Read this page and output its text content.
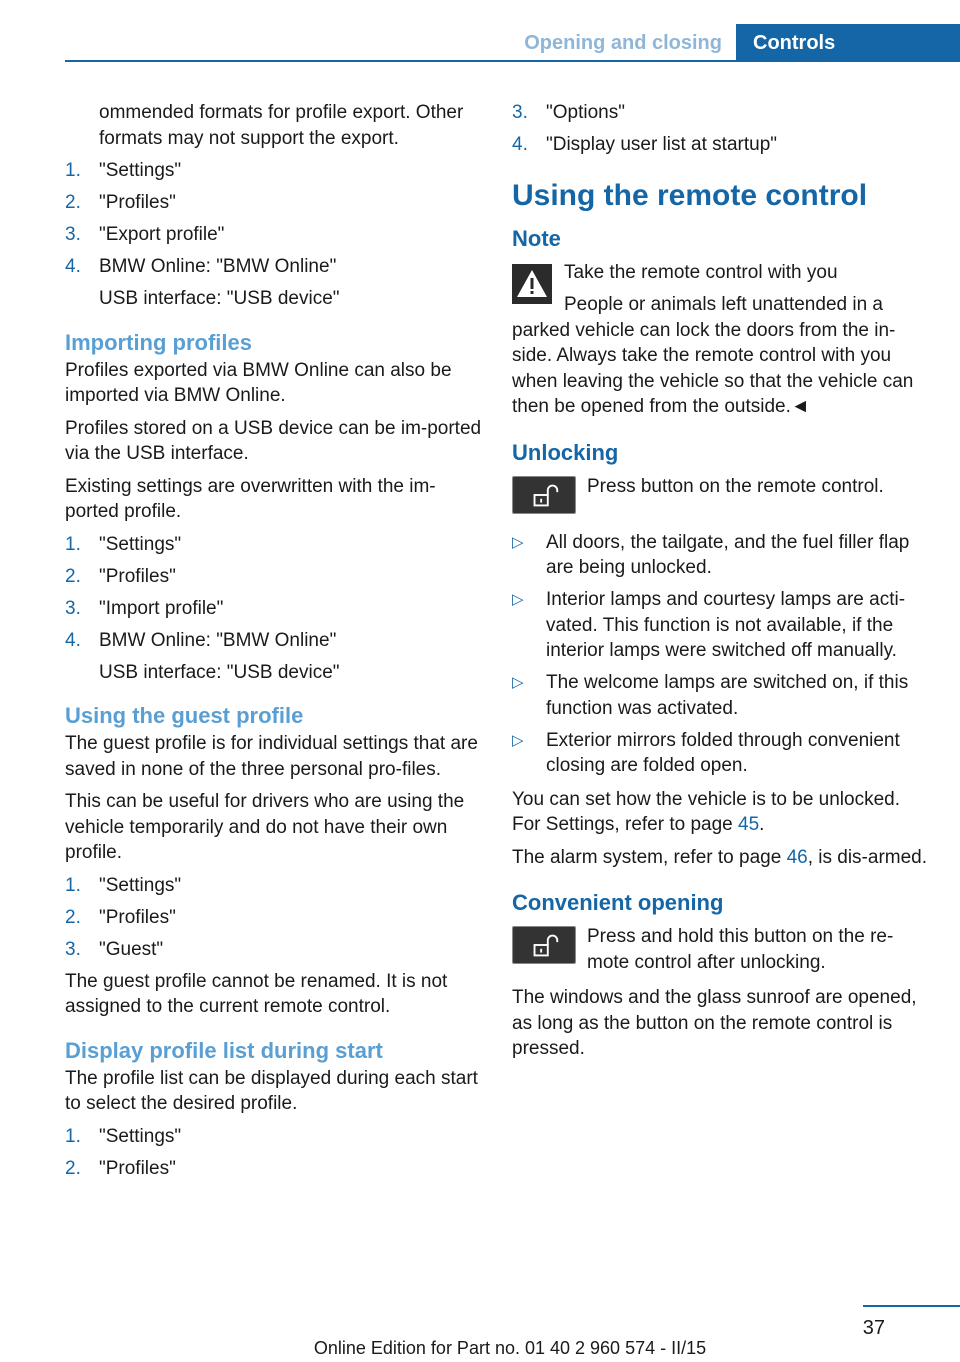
Opening and closing	Controls

ommended formats for profile export. Other formats may not support the export.

1. "Settings"
2. "Profiles"
3. "Export profile"
4. BMW Online: "BMW Online"
USB interface: "USB device"
Importing profiles

Profiles exported via BMW Online can also be imported via BMW Online.

Profiles stored on a USB device can be im‐ported via the USB interface.

Existing settings are overwritten with the im‐ported profile.

1. "Settings"
2. "Profiles"
3. "Import profile"
4. BMW Online: "BMW Online"
USB interface: "USB device"
Using the guest profile

The guest profile is for individual settings that are saved in none of the three personal pro‐files.

This can be useful for drivers who are using the vehicle temporarily and do not have their own profile.

1. "Settings"
2. "Profiles"
3. "Guest"

The guest profile cannot be renamed. It is not assigned to the current remote control.

Display profile list during start

The profile list can be displayed during each start to select the desired profile.

1. "Settings"
2. "Profiles"
3. "Options"
4. "Display user list at startup"
Using the remote control
Note

Take the remote control with you

People or animals left unattended in a parked vehicle can lock the doors from the in‐side. Always take the remote control with you when leaving the vehicle so that the vehicle can then be opened from the outside.◄

Unlocking

Press button on the remote control.

▷ All doors, the tailgate, and the fuel filler flap are being unlocked.
▷ Interior lamps and courtesy lamps are acti‐vated. This function is not available, if the interior lamps were switched off manually.
▷ The welcome lamps are switched on, if this function was activated.
▷ Exterior mirrors folded through convenient closing are folded open.

You can set how the vehicle is to be unlocked. For Settings, refer to page 45.

The alarm system, refer to page 46, is dis‐armed.

Convenient opening

Press and hold this button on the re‐mote control after unlocking.

The windows and the glass sunroof are opened, as long as the button on the remote control is pressed.

37
Online Edition for Part no. 01 40 2 960 574 - II/15
